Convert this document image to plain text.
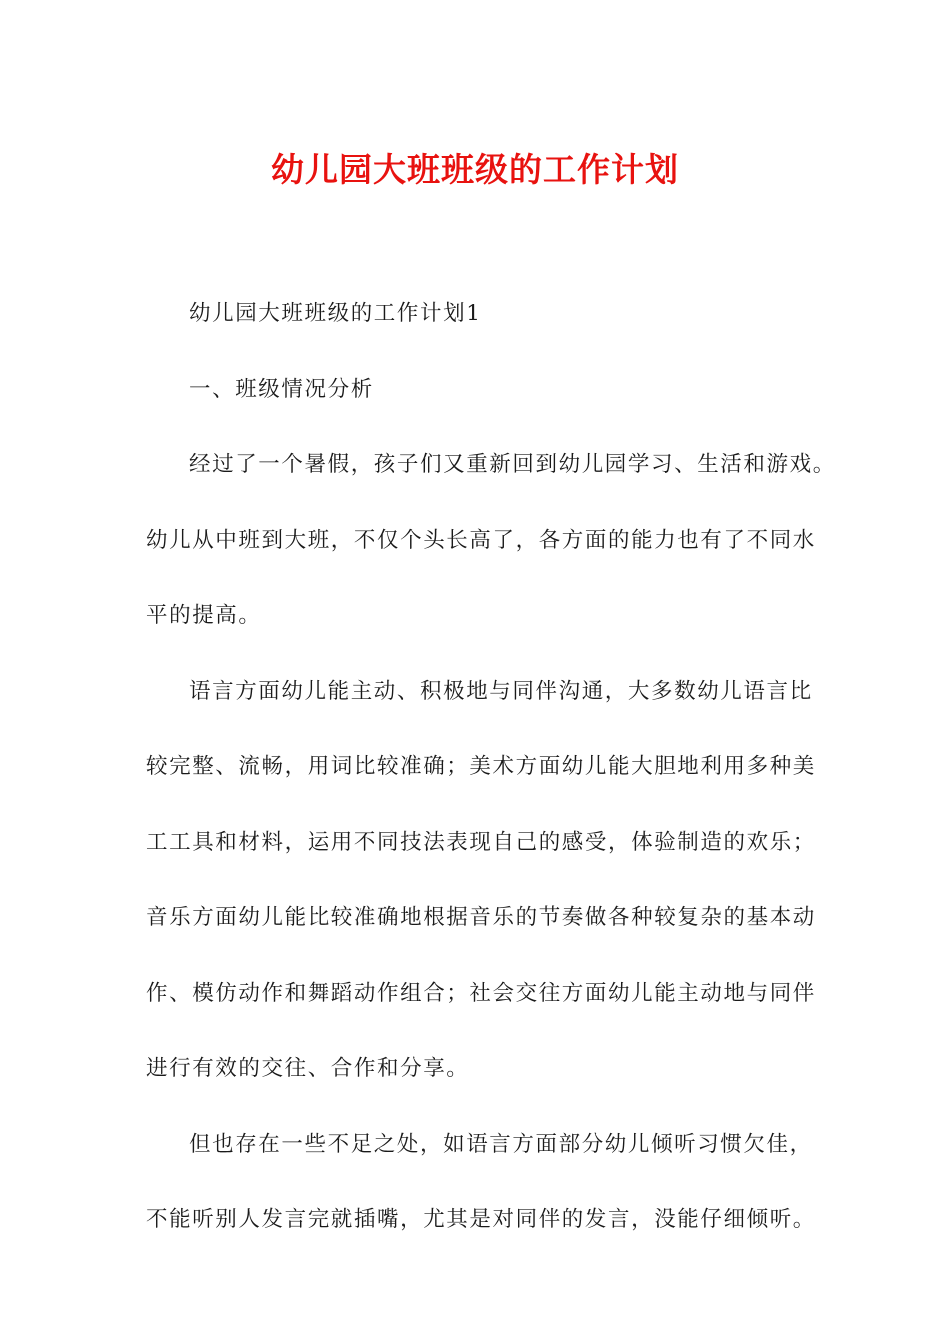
幼儿园大班班级的工作计划

幼儿园大班班级的工作计划1

一、班级情况分析

经过了一个暑假，孩子们又重新回到幼儿园学习、生活和游戏。
幼儿从中班到大班，不仅个头长高了，各方面的能力也有了不同水
平的提高。

语言方面幼儿能主动、积极地与同伴沟通，大多数幼儿语言比
较完整、流畅，用词比较准确；美术方面幼儿能大胆地利用多种美
工工具和材料，运用不同技法表现自己的感受，体验制造的欢乐；
音乐方面幼儿能比较准确地根据音乐的节奏做各种较复杂的基本动
作、模仿动作和舞蹈动作组合；社会交往方面幼儿能主动地与同伴
进行有效的交往、合作和分享。

但也存在一些不足之处，如语言方面部分幼儿倾听习惯欠佳，
不能听别人发言完就插嘴，尤其是对同伴的发言，没能仔细倾听。
